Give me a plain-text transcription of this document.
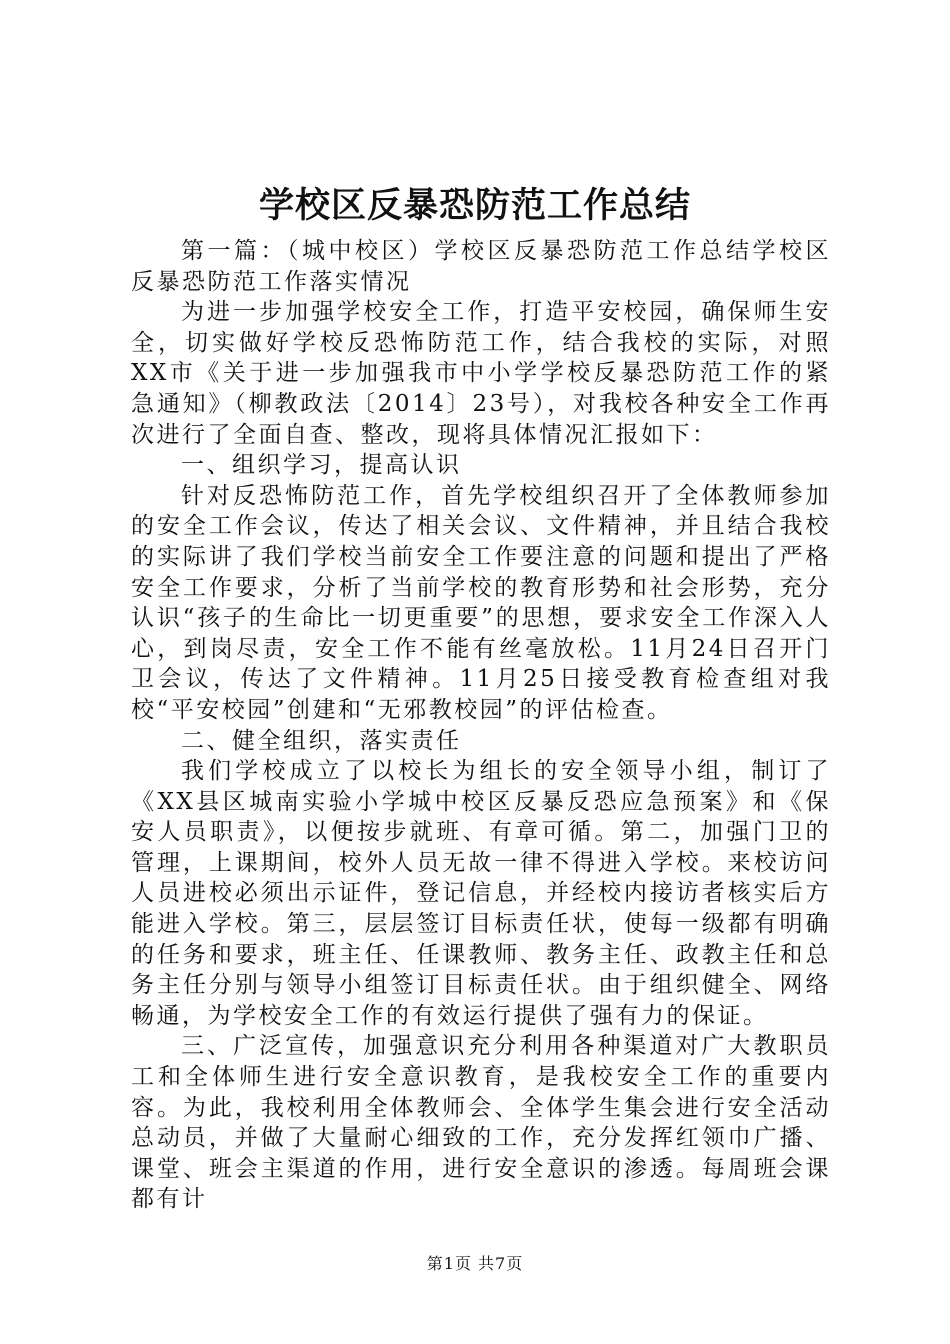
学校区反暴恐防范工作总结

第一篇：（城中校区）学校区反暴恐防范工作总结学校区反暴恐防范工作落实情况

为进一步加强学校安全工作，打造平安校园，确保师生安全，切实做好学校反恐怖防范工作，结合我校的实际，对照XX市《关于进一步加强我市中小学学校反暴恐防范工作的紧急通知》（柳教政法〔2014〕23号），对我校各种安全工作再次进行了全面自查、整改，现将具体情况汇报如下：

一、组织学习，提高认识

针对反恐怖防范工作，首先学校组织召开了全体教师参加的安全工作会议，传达了相关会议、文件精神，并且结合我校的实际讲了我们学校当前安全工作要注意的问题和提出了严格安全工作要求，分析了当前学校的教育形势和社会形势，充分认识“孩子的生命比一切更重要”的思想，要求安全工作深入人心，到岗尽责，安全工作不能有丝毫放松。11月24日召开门卫会议，传达了文件精神。11月25日接受教育检查组对我校“平安校园”创建和“无邪教校园”的评估检查。

二、健全组织，落实责任

我们学校成立了以校长为组长的安全领导小组，制订了《XX县区城南实验小学城中校区反暴反恐应急预案》和《保安人员职责》，以便按步就班、有章可循。第二，加强门卫的管理，上课期间，校外人员无故一律不得进入学校。来校访问人员进校必须出示证件，登记信息，并经校内接访者核实后方能进入学校。第三，层层签订目标责任状，使每一级都有明确的任务和要求，班主任、任课教师、教务主任、政教主任和总务主任分别与领导小组签订目标责任状。由于组织健全、网络畅通，为学校安全工作的有效运行提供了强有力的保证。

三、广泛宣传，加强意识充分利用各种渠道对广大教职员工和全体师生进行安全意识教育，是我校安全工作的重要内容。为此，我校利用全体教师会、全体学生集会进行安全活动总动员，并做了大量耐心细致的工作，充分发挥红领巾广播、课堂、班会主渠道的作用，进行安全意识的渗透。每周班会课都有计

第1页 共7页
